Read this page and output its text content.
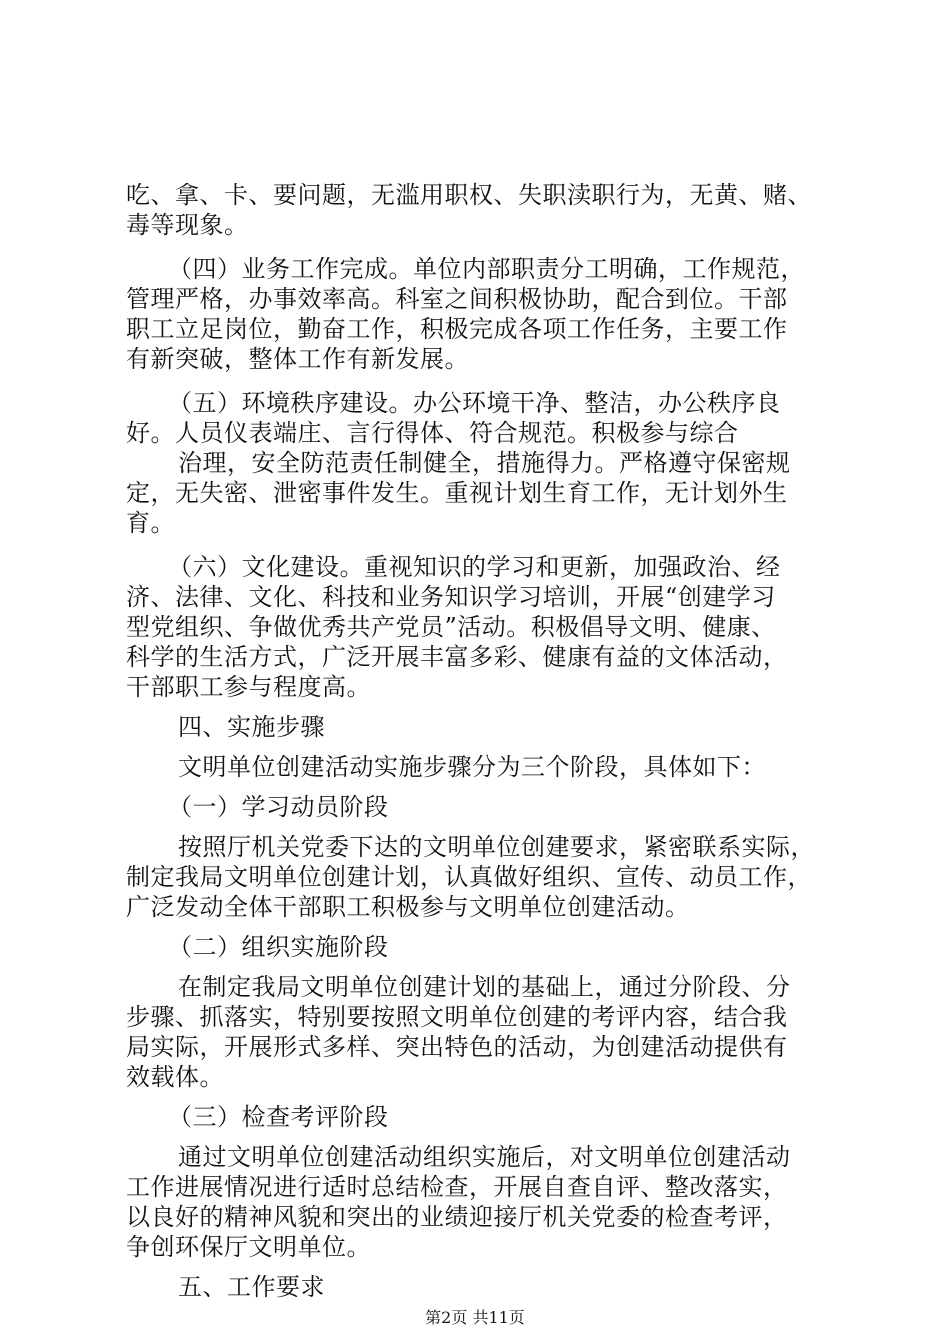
吃、拿、卡、要问题，无滥用职权、失职渎职行为，无黄、赌、
毒等现象。
（四）业务工作完成。单位内部职责分工明确，工作规范，
管理严格，办事效率高。科室之间积极协助，配合到位。干部
职工立足岗位，勤奋工作，积极完成各项工作任务，主要工作
有新突破，整体工作有新发展。
（五）环境秩序建设。办公环境干净、整洁，办公秩序良
好。人员仪表端庄、言行得体、符合规范。积极参与综合
治理，安全防范责任制健全，措施得力。严格遵守保密规
定，无失密、泄密事件发生。重视计划生育工作，无计划外生
育。
（六）文化建设。重视知识的学习和更新，加强政治、经
济、法律、文化、科技和业务知识学习培训，开展“创建学习
型党组织、争做优秀共产党员”活动。积极倡导文明、健康、
科学的生活方式，广泛开展丰富多彩、健康有益的文体活动，
干部职工参与程度高。
四、实施步骤
文明单位创建活动实施步骤分为三个阶段，具体如下：
（一）学习动员阶段
按照厅机关党委下达的文明单位创建要求，紧密联系实际，
制定我局文明单位创建计划，认真做好组织、宣传、动员工作，
广泛发动全体干部职工积极参与文明单位创建活动。
（二）组织实施阶段
在制定我局文明单位创建计划的基础上，通过分阶段、分
步骤、抓落实，特别要按照文明单位创建的考评内容，结合我
局实际，开展形式多样、突出特色的活动，为创建活动提供有
效载体。
（三）检查考评阶段
通过文明单位创建活动组织实施后，对文明单位创建活动
工作进展情况进行适时总结检查，开展自查自评、整改落实，
以良好的精神风貌和突出的业绩迎接厅机关党委的检查考评，
争创环保厅文明单位。
五、工作要求
第2页 共11页
